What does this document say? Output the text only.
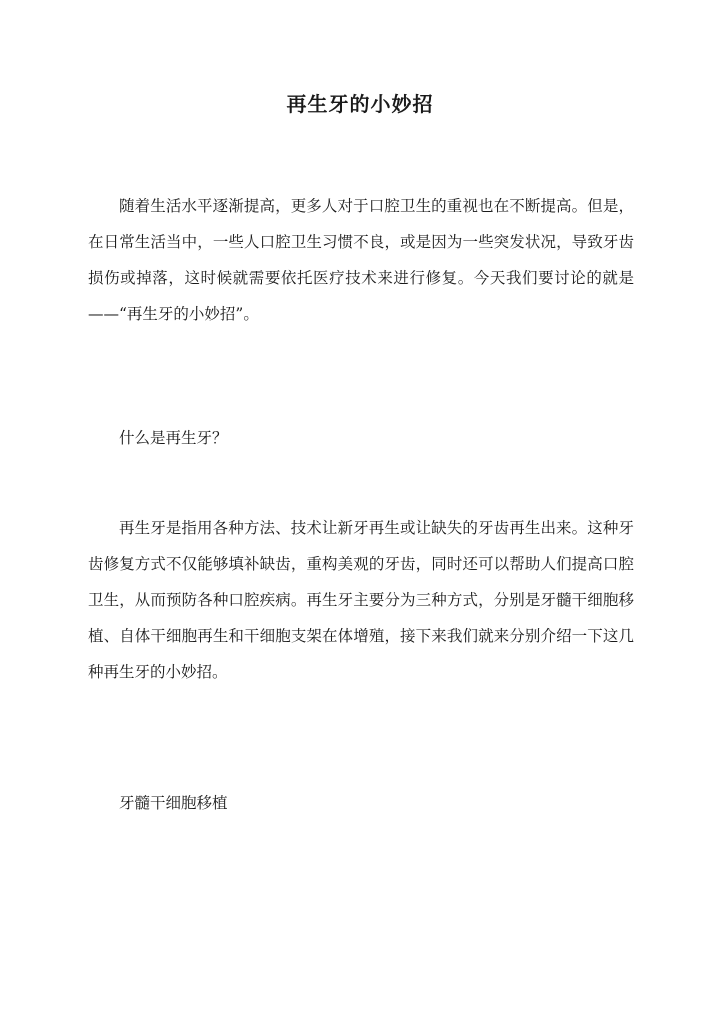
再生牙的小妙招

随着生活水平逐渐提高，更多人对于口腔卫生的重视也在不断提高。但是，在日常生活当中，一些人口腔卫生习惯不良，或是因为一些突发状况，导致牙齿损伤或掉落，这时候就需要依托医疗技术来进行修复。今天我们要讨论的就是——“再生牙的小妙招”。

什么是再生牙？

再生牙是指用各种方法、技术让新牙再生或让缺失的牙齿再生出来。这种牙齿修复方式不仅能够填补缺齿，重构美观的牙齿，同时还可以帮助人们提高口腔卫生，从而预防各种口腔疾病。再生牙主要分为三种方式，分别是牙髓干细胞移植、自体干细胞再生和干细胞支架在体增殖，接下来我们就来分别介绍一下这几种再生牙的小妙招。

牙髓干细胞移植
